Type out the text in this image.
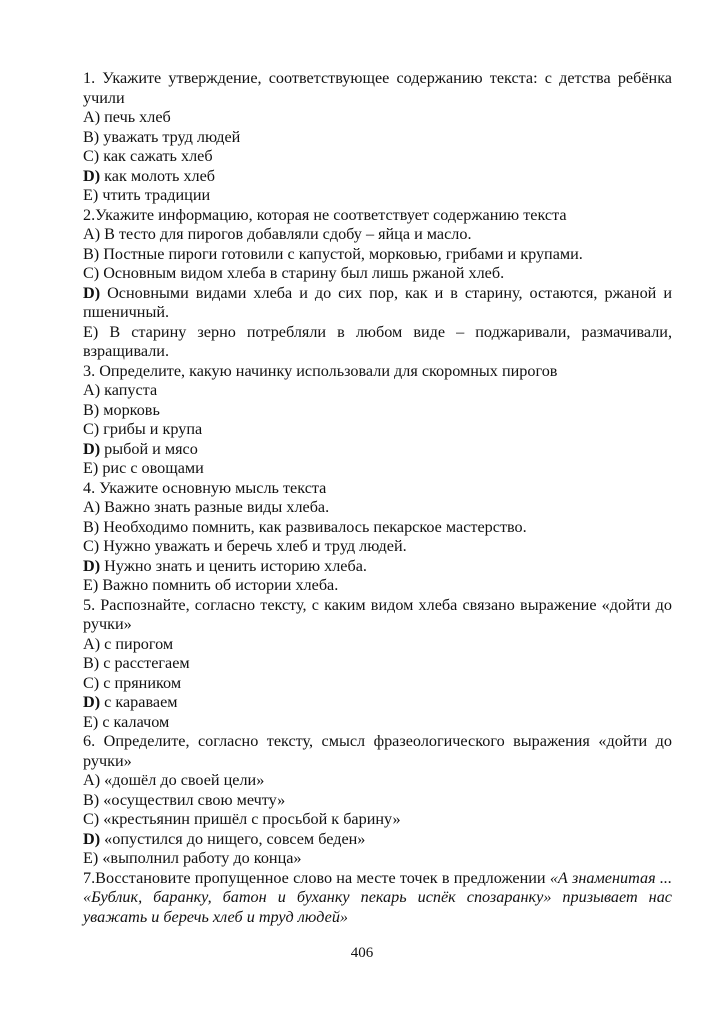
1. Укажите утверждение, соответствующее содержанию текста: с детства ребёнка учили

A) печь хлеб

B) уважать труд людей

C) как сажать хлеб

D) как молоть хлеб

E) чтить традиции

2.Укажите информацию, которая не соответствует содержанию текста

A) В тесто для пирогов добавляли сдобу – яйца и масло.

B) Постные пироги готовили с капустой, морковью, грибами и крупами.

C) Основным видом хлеба в старину был лишь ржаной хлеб.

D) Основными видами хлеба и до сих пор, как и в старину, остаются, ржаной и пшеничный.

E) В старину зерно потребляли в любом виде – поджаривали, размачивали, взращивали.

3. Определите, какую начинку использовали для скоромных пирогов

A) капуста

B) морковь

C) грибы и крупа

D) рыбой и мясо

E) рис с овощами

4. Укажите основную мысль текста

A) Важно знать разные виды хлеба.

B) Необходимо помнить, как развивалось пекарское мастерство.

C) Нужно уважать и беречь хлеб и труд людей.

D) Нужно знать и ценить историю хлеба.

E) Важно помнить об истории хлеба.

5. Распознайте, согласно тексту, с каким видом хлеба связано выражение «дойти до ручки»

A) с пирогом

B) с расстегаем

C) с пряником

D) с караваем

E) с калачом

6. Определите, согласно тексту, смысл фразеологического выражения «дойти до ручки»

A) «дошёл до своей цели»

B) «осуществил свою мечту»

C) «крестьянин пришёл с просьбой к барину»

D) «опустился до нищего, совсем беден»

E) «выполнил работу до конца»

7.Восстановите пропущенное слово на месте точек в предложении «А знаменитая ... «Бублик, баранку, батон и буханку пекарь испёк спозаранку» призывает нас уважать и беречь хлеб и труд людей»

406
